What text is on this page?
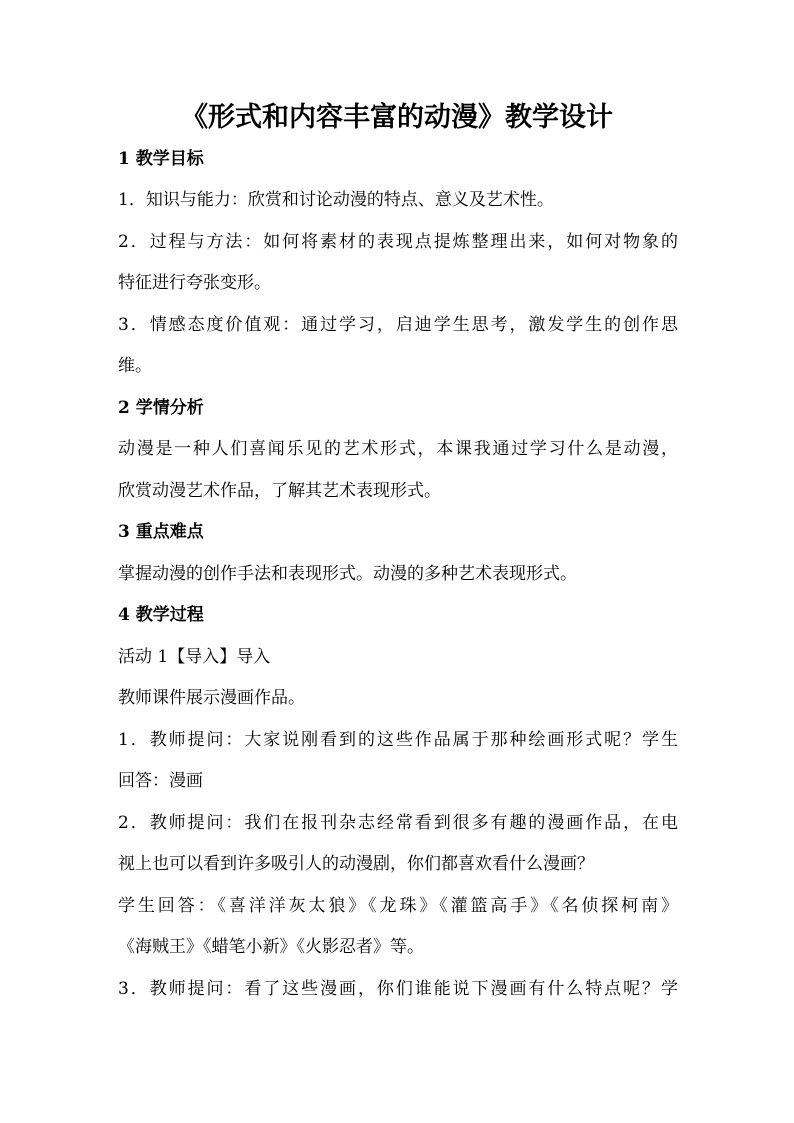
《形式和内容丰富的动漫》教学设计
1 教学目标
1．知识与能力：欣赏和讨论动漫的特点、意义及艺术性。
2．过程与方法：如何将素材的表现点提炼整理出来，如何对物象的
特征进行夸张变形。
3．情感态度价值观：通过学习，启迪学生思考，激发学生的创作思
维。
2 学情分析
动漫是一种人们喜闻乐见的艺术形式，本课我通过学习什么是动漫，
欣赏动漫艺术作品，了解其艺术表现形式。
3 重点难点
掌握动漫的创作手法和表现形式。动漫的多种艺术表现形式。
4 教学过程
活动 1【导入】导入
教师课件展示漫画作品。
1．教师提问：大家说刚看到的这些作品属于那种绘画形式呢？学生
回答：漫画
2．教师提问：我们在报刊杂志经常看到很多有趣的漫画作品，在电
视上也可以看到许多吸引人的动漫剧，你们都喜欢看什么漫画？
学生回答：《喜洋洋灰太狼》《龙珠》《灌篮高手》《名侦探柯南》
《海贼王》《蜡笔小新》《火影忍者》等。
3．教师提问：看了这些漫画，你们谁能说下漫画有什么特点呢？学
